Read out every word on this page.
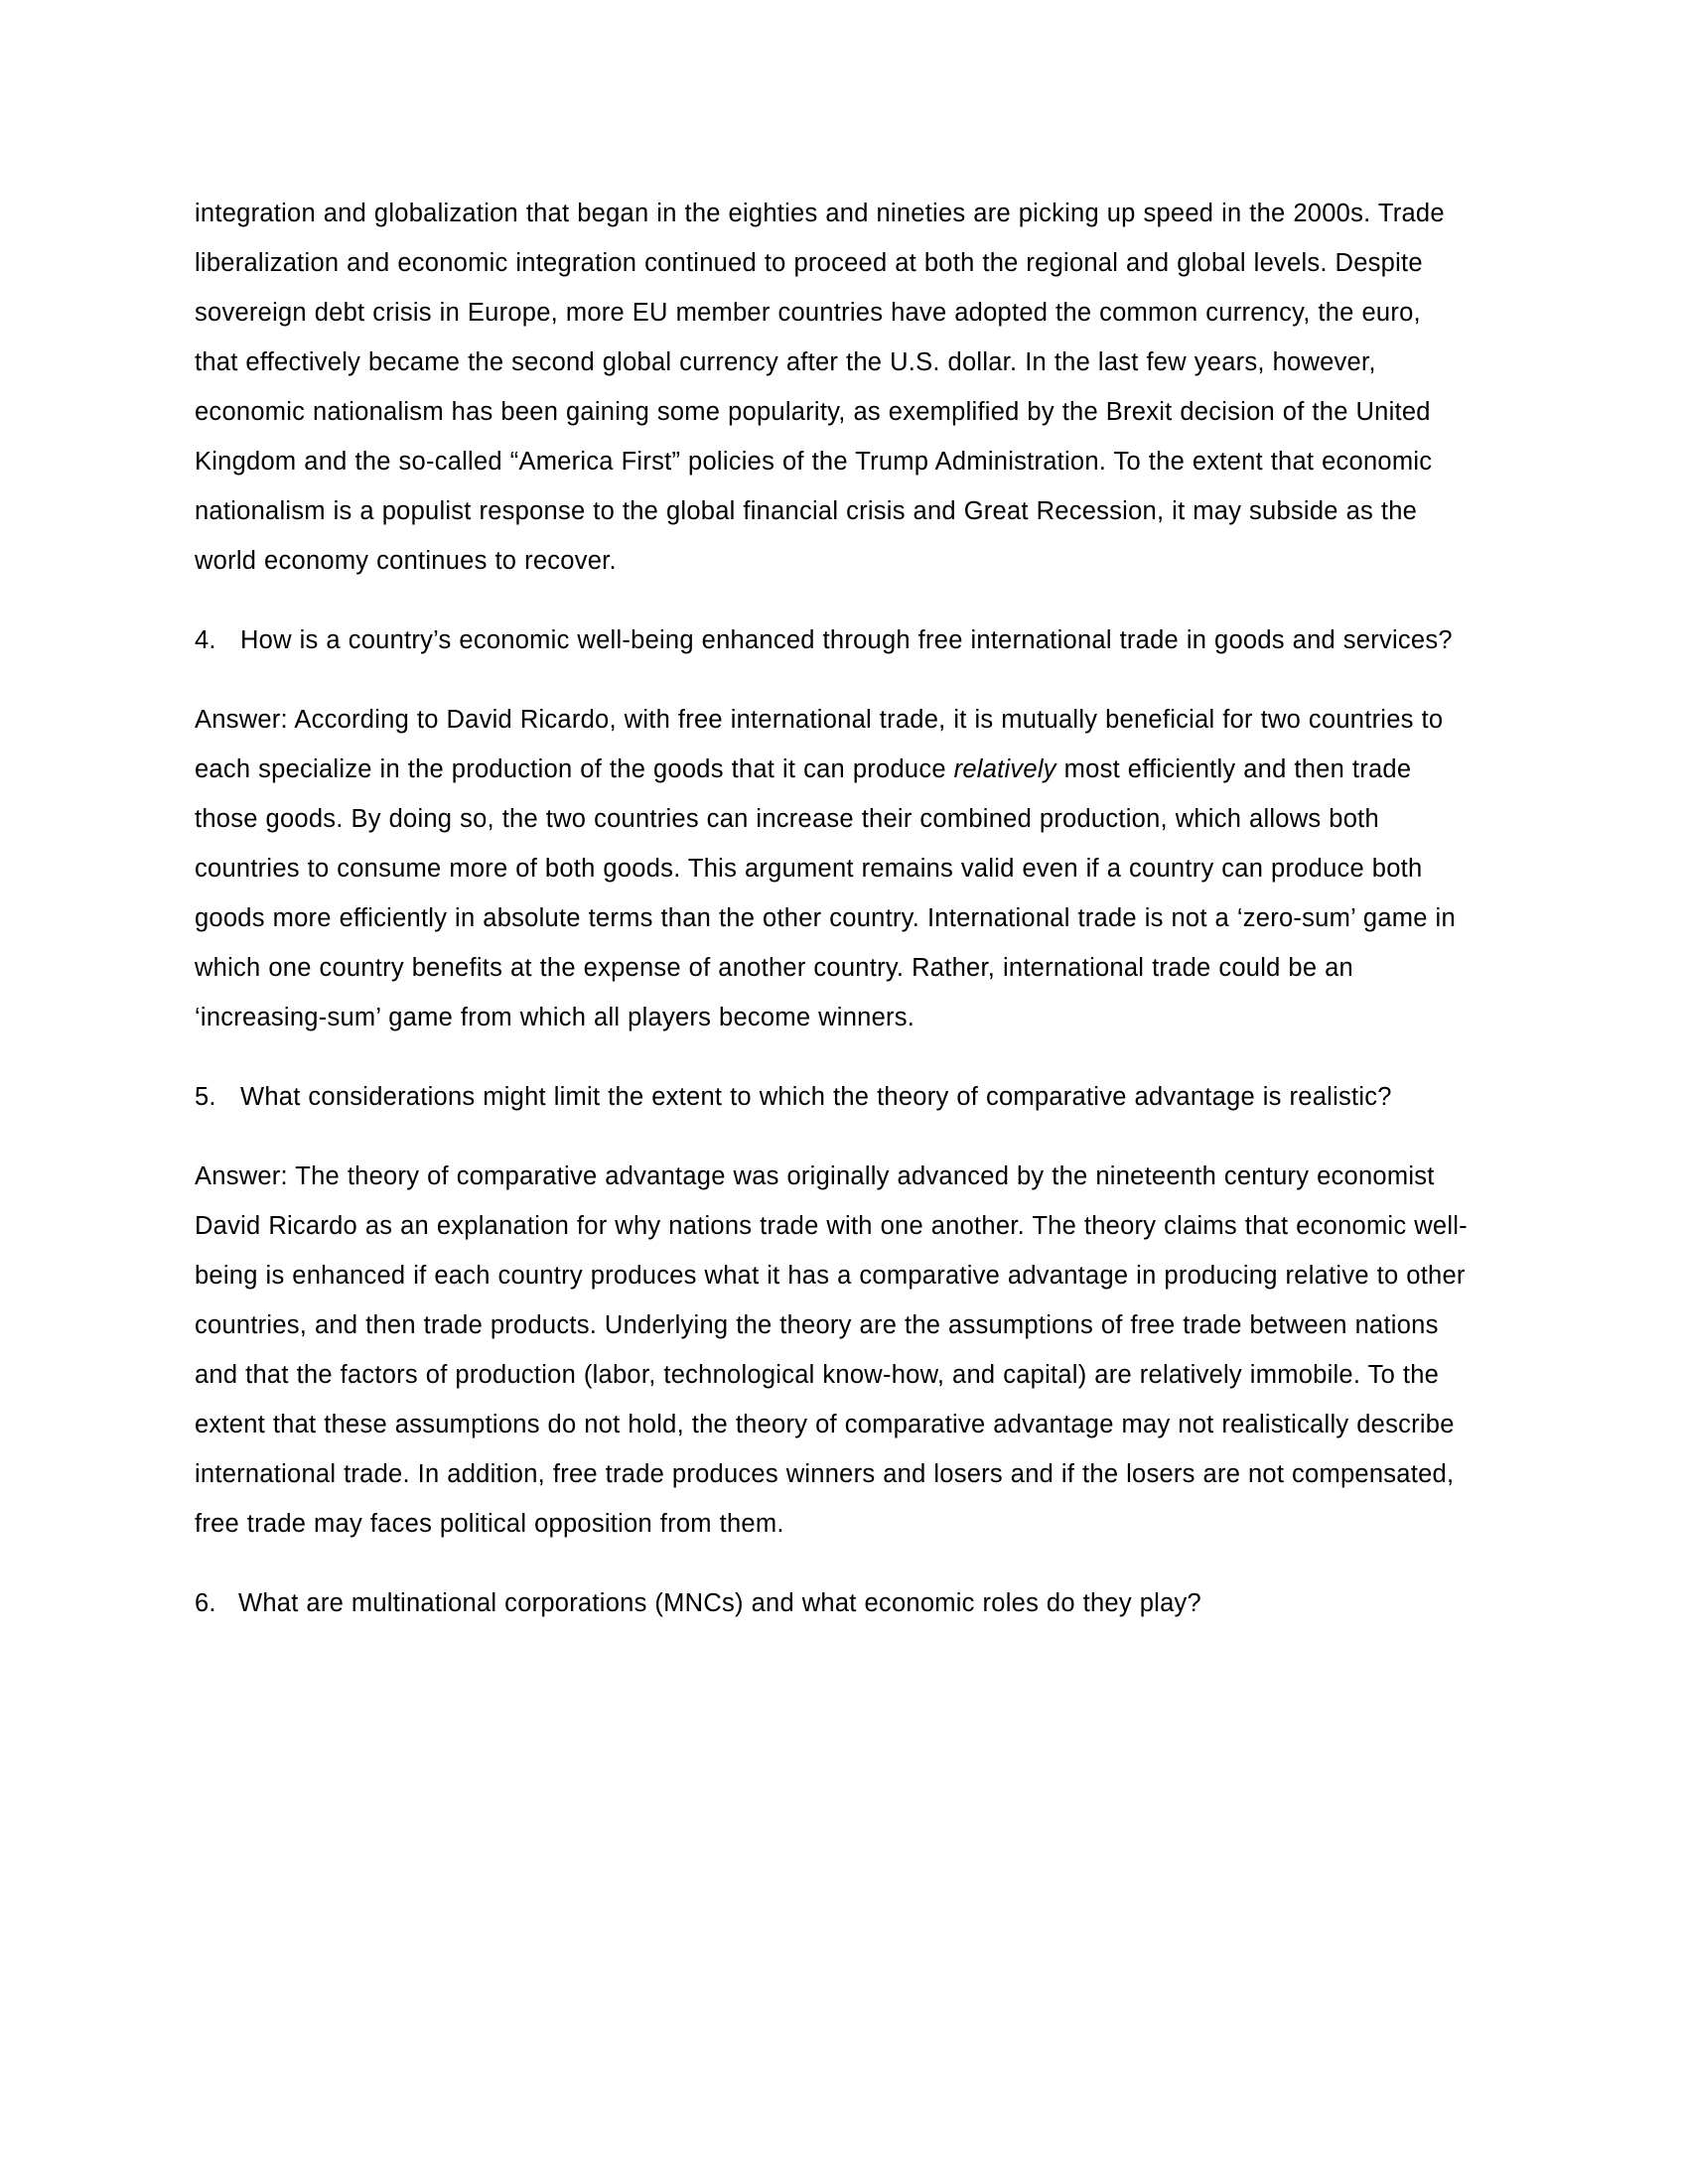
integration and globalization that began in the eighties and nineties are picking up speed in the 2000s. Trade liberalization and economic integration continued to proceed at both the regional and global levels. Despite sovereign debt crisis in Europe, more EU member countries have adopted the common currency, the euro, that effectively became the second global currency after the U.S. dollar. In the last few years, however, economic nationalism has been gaining some popularity, as exemplified by the Brexit decision of the United Kingdom and the so-called “America First” policies of the Trump Administration. To the extent that economic nationalism is a populist response to the global financial crisis and Great Recession, it may subside as the world economy continues to recover.

4. How is a country’s economic well-being enhanced through free international trade in goods and services?

Answer: According to David Ricardo, with free international trade, it is mutually beneficial for two countries to each specialize in the production of the goods that it can produce relatively most efficiently and then trade those goods. By doing so, the two countries can increase their combined production, which allows both countries to consume more of both goods. This argument remains valid even if a country can produce both goods more efficiently in absolute terms than the other country. International trade is not a ‘zero-sum’ game in which one country benefits at the expense of another country. Rather, international trade could be an ‘increasing-sum’ game from which all players become winners.

5. What considerations might limit the extent to which the theory of comparative advantage is realistic?

Answer: The theory of comparative advantage was originally advanced by the nineteenth century economist David Ricardo as an explanation for why nations trade with one another. The theory claims that economic well-being is enhanced if each country produces what it has a comparative advantage in producing relative to other countries, and then trade products. Underlying the theory are the assumptions of free trade between nations and that the factors of production (labor, technological know-how, and capital) are relatively immobile. To the extent that these assumptions do not hold, the theory of comparative advantage may not realistically describe international trade. In addition, free trade produces winners and losers and if the losers are not compensated, free trade may faces political opposition from them.

6. What are multinational corporations (MNCs) and what economic roles do they play?
